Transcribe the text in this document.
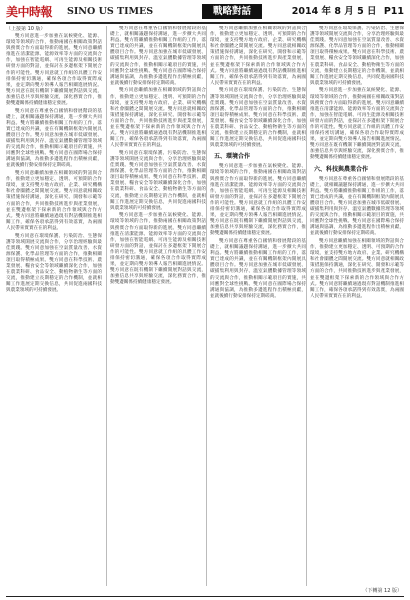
美中時報 SINO US TIMES	戰略對話	2014 年 8 月 5 日 P11
（上接第 10 版）

雙方同意進一步加強在氣候變化、能源、環境等領域的合作，推動兩國在相關政策對話與務實合作方面取得新的進展。雙方同意繼續推進在清潔能源、能源效率等方面的交流與合作，加強在智能電網、可再生能源及相關技術研發方面的對話，並探討在多邊框架下開展合作的可能性。雙方同意就工作組的具體工作安排保持密切溝通，確保各項合作取得實際成果，並定期向雙方領導人報告相關進展情況。雙方同意在既有機制下繼續開展對話與交流，加強信息共享與經驗交流，深化務實合作，推動雙邊關係持續健康穩定發展。

雙方同意在尊重各自國情和發展階段的基礎上，就相關議題保持溝通，進一步擴大共同利益。雙方將繼續推動相關工作組的工作，落實已達成的共識，並在有關機制框架內開展具體項目合作。雙方同意加強在城市低碳發展、碳捕集利用與封存、溫室氣體數據管理等領域的交流與合作，推動相關示範項目的實施，共同應對全球性挑戰。雙方同意在國際場合保持溝通與協調，為推動多邊進程作出積極貢獻，並就後續行動安排保持定期磋商。

雙方同意繼續加強在相關領域的對話與合作，推動建立更加穩定、透明、可預期的合作環境，並支持雙方地方政府、企業、研究機構和社會團體之間開展交流。雙方同意就相關政策措施保持溝通，深化在研究、開發和示範等方面的合作，共同推動技術進步與產業發展，並在雙邊框架下探索新的合作領域與合作方式。雙方同意將繼續通過現有對話機制推進相關工作，確保各項承諾得到有效落實，為兩國人民帶來實實在在的利益。

雙方同意在環境保護、污染防治、生態保護等領域開展交流與合作，分享治理經驗與最佳實踐。雙方同意加強在空氣質量改善、水資源保護、化學品管理等方面的合作，推動相關項目取得積極成果。雙方同意在科學技術、農業發展、糧食安全等領域繼續深化合作，加強在農業科研、食品安全、動植物衛生等方面的交流，推動建立長期穩定的合作機制，並就相關工作進展定期交換信息，共同促進兩國科技與農業領域的可持續發展。

雙方同意在尊重各自國情和發展階段的基礎上，就相關議題保持溝通，進一步擴大共同利益。雙方將繼續推動相關工作組的工作，落實已達成的共識，並在有關機制框架內開展具體項目合作。雙方同意加強在城市低碳發展、碳捕集利用與封存、溫室氣體數據管理等領域的交流與合作，推動相關示範項目的實施，共同應對全球性挑戰。雙方同意在國際場合保持溝通與協調，為推動多邊進程作出積極貢獻，並就後續行動安排保持定期磋商。

雙方同意繼續加強在相關領域的對話與合作，推動建立更加穩定、透明、可預期的合作環境，並支持雙方地方政府、企業、研究機構和社會團體之間開展交流。雙方同意就相關政策措施保持溝通，深化在研究、開發和示範等方面的合作，共同推動技術進步與產業發展，並在雙邊框架下探索新的合作領域與合作方式。雙方同意將繼續通過現有對話機制推進相關工作，確保各項承諾得到有效落實，為兩國人民帶來實實在在的利益。

雙方同意在環境保護、污染防治、生態保護等領域開展交流與合作，分享治理經驗與最佳實踐。雙方同意加強在空氣質量改善、水資源保護、化學品管理等方面的合作，推動相關項目取得積極成果。雙方同意在科學技術、農業發展、糧食安全等領域繼續深化合作，加強在農業科研、食品安全、動植物衛生等方面的交流，推動建立長期穩定的合作機制，並就相關工作進展定期交換信息，共同促進兩國科技與農業領域的可持續發展。

雙方同意進一步加強在氣候變化、能源、環境等領域的合作，推動兩國在相關政策對話與務實合作方面取得新的進展。雙方同意繼續推進在清潔能源、能源效率等方面的交流與合作，加強在智能電網、可再生能源及相關技術研發方面的對話，並探討在多邊框架下開展合作的可能性。雙方同意就工作組的具體工作安排保持密切溝通，確保各項合作取得實際成果，並定期向雙方領導人報告相關進展情況。雙方同意在既有機制下繼續開展對話與交流，加強信息共享與經驗交流，深化務實合作，推動雙邊關係持續健康穩定發展。

雙方同意繼續加強在相關領域的對話與合作，推動建立更加穩定、透明、可預期的合作環境，並支持雙方地方政府、企業、研究機構和社會團體之間開展交流。雙方同意就相關政策措施保持溝通，深化在研究、開發和示範等方面的合作，共同推動技術進步與產業發展，並在雙邊框架下探索新的合作領域與合作方式。雙方同意將繼續通過現有對話機制推進相關工作，確保各項承諾得到有效落實，為兩國人民帶來實實在在的利益。

雙方同意在環境保護、污染防治、生態保護等領域開展交流與合作，分享治理經驗與最佳實踐。雙方同意加強在空氣質量改善、水資源保護、化學品管理等方面的合作，推動相關項目取得積極成果。雙方同意在科學技術、農業發展、糧食安全等領域繼續深化合作，加強在農業科研、食品安全、動植物衛生等方面的交流，推動建立長期穩定的合作機制，並就相關工作進展定期交換信息，共同促進兩國科技與農業領域的可持續發展。

五、環境合作

雙方同意進一步加強在氣候變化、能源、環境等領域的合作，推動兩國在相關政策對話與務實合作方面取得新的進展。雙方同意繼續推進在清潔能源、能源效率等方面的交流與合作，加強在智能電網、可再生能源及相關技術研發方面的對話，並探討在多邊框架下開展合作的可能性。雙方同意就工作組的具體工作安排保持密切溝通，確保各項合作取得實際成果，並定期向雙方領導人報告相關進展情況。雙方同意在既有機制下繼續開展對話與交流，加強信息共享與經驗交流，深化務實合作，推動雙邊關係持續健康穩定發展。

雙方同意在尊重各自國情和發展階段的基礎上，就相關議題保持溝通，進一步擴大共同利益。雙方將繼續推動相關工作組的工作，落實已達成的共識，並在有關機制框架內開展具體項目合作。雙方同意加強在城市低碳發展、碳捕集利用與封存、溫室氣體數據管理等領域的交流與合作，推動相關示範項目的實施，共同應對全球性挑戰。雙方同意在國際場合保持溝通與協調，為推動多邊進程作出積極貢獻，並就後續行動安排保持定期磋商。

雙方同意在環境保護、污染防治、生態保護等領域開展交流與合作，分享治理經驗與最佳實踐。雙方同意加強在空氣質量改善、水資源保護、化學品管理等方面的合作，推動相關項目取得積極成果。雙方同意在科學技術、農業發展、糧食安全等領域繼續深化合作，加強在農業科研、食品安全、動植物衛生等方面的交流，推動建立長期穩定的合作機制，並就相關工作進展定期交換信息，共同促進兩國科技與農業領域的可持續發展。

雙方同意進一步加強在氣候變化、能源、環境等領域的合作，推動兩國在相關政策對話與務實合作方面取得新的進展。雙方同意繼續推進在清潔能源、能源效率等方面的交流與合作，加強在智能電網、可再生能源及相關技術研發方面的對話，並探討在多邊框架下開展合作的可能性。雙方同意就工作組的具體工作安排保持密切溝通，確保各項合作取得實際成果，並定期向雙方領導人報告相關進展情況。雙方同意在既有機制下繼續開展對話與交流，加強信息共享與經驗交流，深化務實合作，推動雙邊關係持續健康穩定發展。

六、科技與農業合作

雙方同意在尊重各自國情和發展階段的基礎上，就相關議題保持溝通，進一步擴大共同利益。雙方將繼續推動相關工作組的工作，落實已達成的共識，並在有關機制框架內開展具體項目合作。雙方同意加強在城市低碳發展、碳捕集利用與封存、溫室氣體數據管理等領域的交流與合作，推動相關示範項目的實施，共同應對全球性挑戰。雙方同意在國際場合保持溝通與協調，為推動多邊進程作出積極貢獻，並就後續行動安排保持定期磋商。

雙方同意繼續加強在相關領域的對話與合作，推動建立更加穩定、透明、可預期的合作環境，並支持雙方地方政府、企業、研究機構和社會團體之間開展交流。雙方同意就相關政策措施保持溝通，深化在研究、開發和示範等方面的合作，共同推動技術進步與產業發展，並在雙邊框架下探索新的合作領域與合作方式。雙方同意將繼續通過現有對話機制推進相關工作，確保各項承諾得到有效落實，為兩國人民帶來實實在在的利益。

（下轉第 12 版）
